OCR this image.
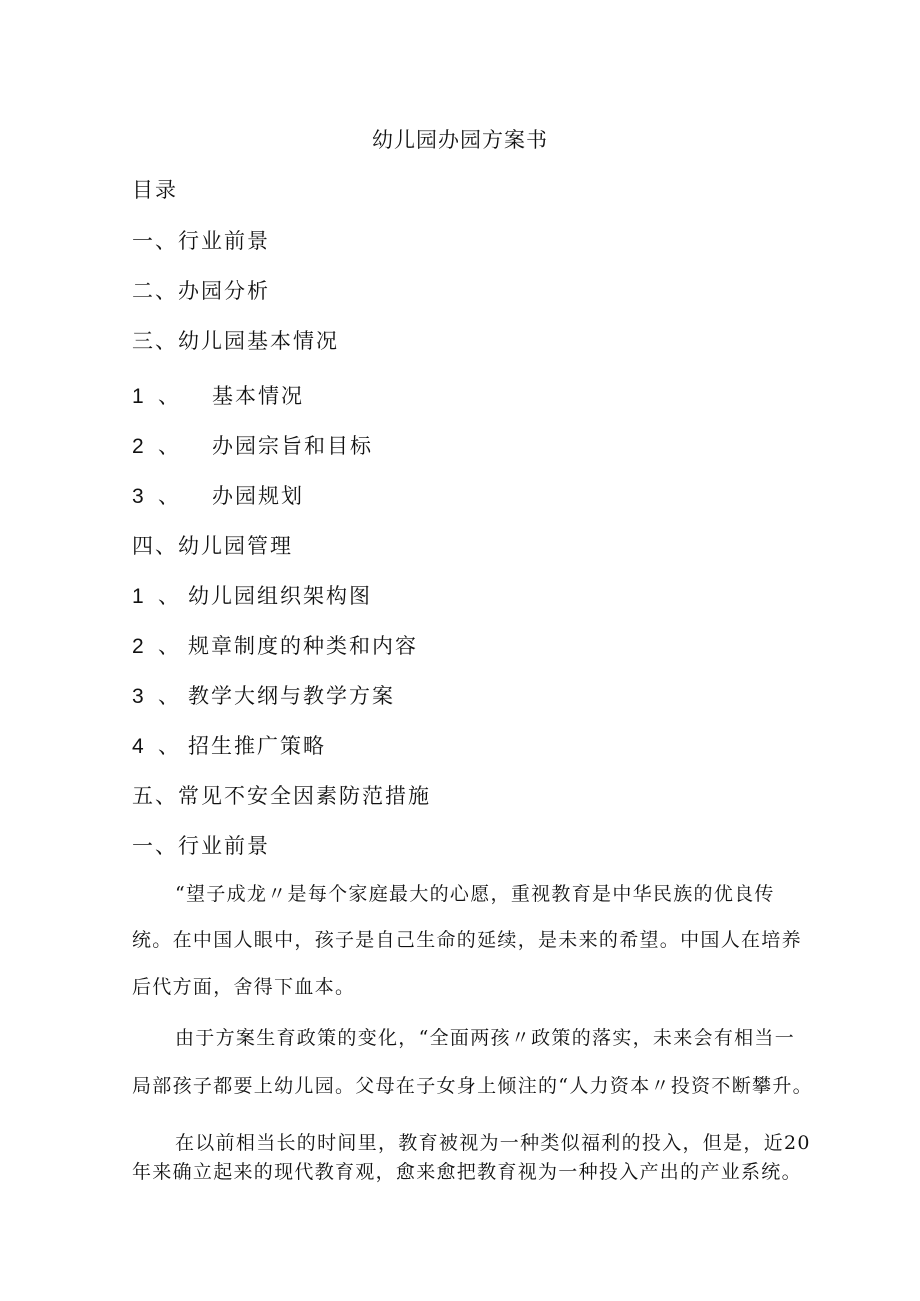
幼儿园办园方案书
目录
一、行业前景
二、办园分析
三、幼儿园基本情况
1 、 基本情况
2 、 办园宗旨和目标
3 、 办园规划
四、幼儿园管理
1 、 幼儿园组织架构图
2 、 规章制度的种类和内容
3 、 教学大纲与教学方案
4 、 招生推广策略
五、常见不安全因素防范措施
一、行业前景
“望子成龙〃是每个家庭最大的心愿，重视教育是中华民族的优良传
统。在中国人眼中，孩子是自己生命的延续，是未来的希望。中国人在培养
后代方面，舍得下血本。
由于方案生育政策的变化，“全面两孩〃政策的落实，未来会有相当一
局部孩子都要上幼儿园。父母在子女身上倾注的“人力资本〃投资不断攀升。
在以前相当长的时间里，教育被视为一种类似福利的投入，但是，近20
年来确立起来的现代教育观，愈来愈把教育视为一种投入产出的产业系统。
